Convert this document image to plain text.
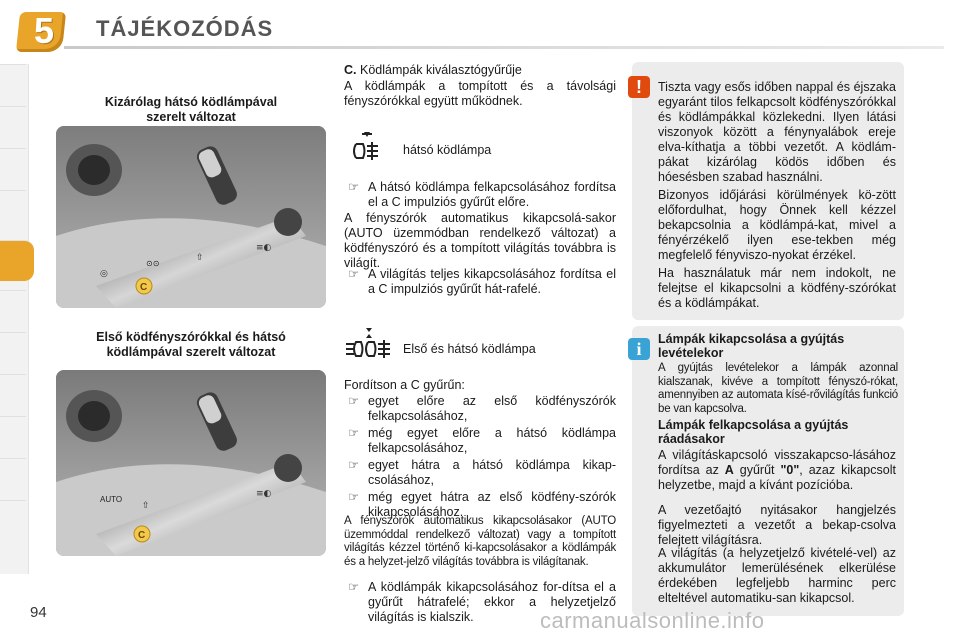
5	TÁJÉKOZÓDÁS
Kizárólag hátsó ködlámpával
szerelt változat
◎
⇧
⊙⊙
≡◐
C
Első ködfényszórókkal és hátsó
ködlámpával szerelt változat
AUTO
⇧
≡◐
C
C. Ködlámpák kiválasztógyűrűje
A ködlámpák a tompított és a távolsági fényszórókkal együtt működnek.
hátsó ködlámpa
☞ A hátsó ködlámpa felkapcsolásához fordítsa el a C impulziós gyűrűt előre.
A fényszórók automatikus kikapcsolá-sakor (AUTO üzemmódban rendelkező változat) a ködfényszóró és a tompított világítás továbbra is világít.
☞ A világítás teljes kikapcsolásához fordítsa el a C impulziós gyűrűt hát-rafelé.
Első és hátsó ködlámpa
Fordítson a C gyűrűn:
☞ egyet előre az első ködfényszórók felkapcsolásához,
☞ még egyet előre a hátsó ködlámpa felkapcsolásához,
☞ egyet hátra a hátsó ködlámpa kikap-csolásához,
☞ még egyet hátra az első ködfény-szórók kikapcsolásához.
A fényszórók automatikus kikapcsolásakor (AUTO üzemmóddal rendelkező változat) vagy a tompított világítás kézzel történő ki-kapcsolásakor a ködlámpák és a helyzet-jelző világítás továbbra is világítanak.
☞ A ködlámpák kikapcsolásához for-dítsa el a gyűrűt hátrafelé; ekkor a helyzetjelző világítás is kialszik.
!	Tiszta vagy esős időben nappal és éjszaka egyaránt tilos felkapcsolt ködfényszórókkal és ködlámpákkal közlekedni. Ilyen látási viszonyok között a fénynyalábok ereje elva-kíthatja a többi vezetőt. A ködlám-pákat kizárólag ködös időben és hóesésben szabad használni.
Bizonyos időjárási körülmények kö-zött előfordulhat, hogy Önnek kell kézzel bekapcsolnia a ködlámpá-kat, mivel a fényérzékelő ilyen ese-tekben még megfelelő fényviszo-nyokat érzékel.
Ha használatuk már nem indokolt, ne felejtse el kikapcsolni a ködfény-szórókat és a ködlámpákat.
i	Lámpák kikapcsolása a gyújtás levételekor
A gyújtás levételekor a lámpák azonnal kialszanak, kivéve a tompított fényszó-rókat, amennyiben az automata kísé-rővilágítás funkció be van kapcsolva.
Lámpák felkapcsolása a gyújtás ráadásakor
A világításkapcsoló visszakapcso-lásához fordítsa az A gyűrűt "0", azaz kikapcsolt helyzetbe, majd a kívánt pozícióba.
A vezetőajtó nyitásakor hangjelzés figyelmezteti a vezetőt a bekap-csolva felejtett világításra.
A világítás (a helyzetjelző kivételé-vel) az akkumulátor lemerülésének elkerülése érdekében legfeljebb harminc perc elteltével automatiku-san kikapcsol.
94	carmanualsonline.info
